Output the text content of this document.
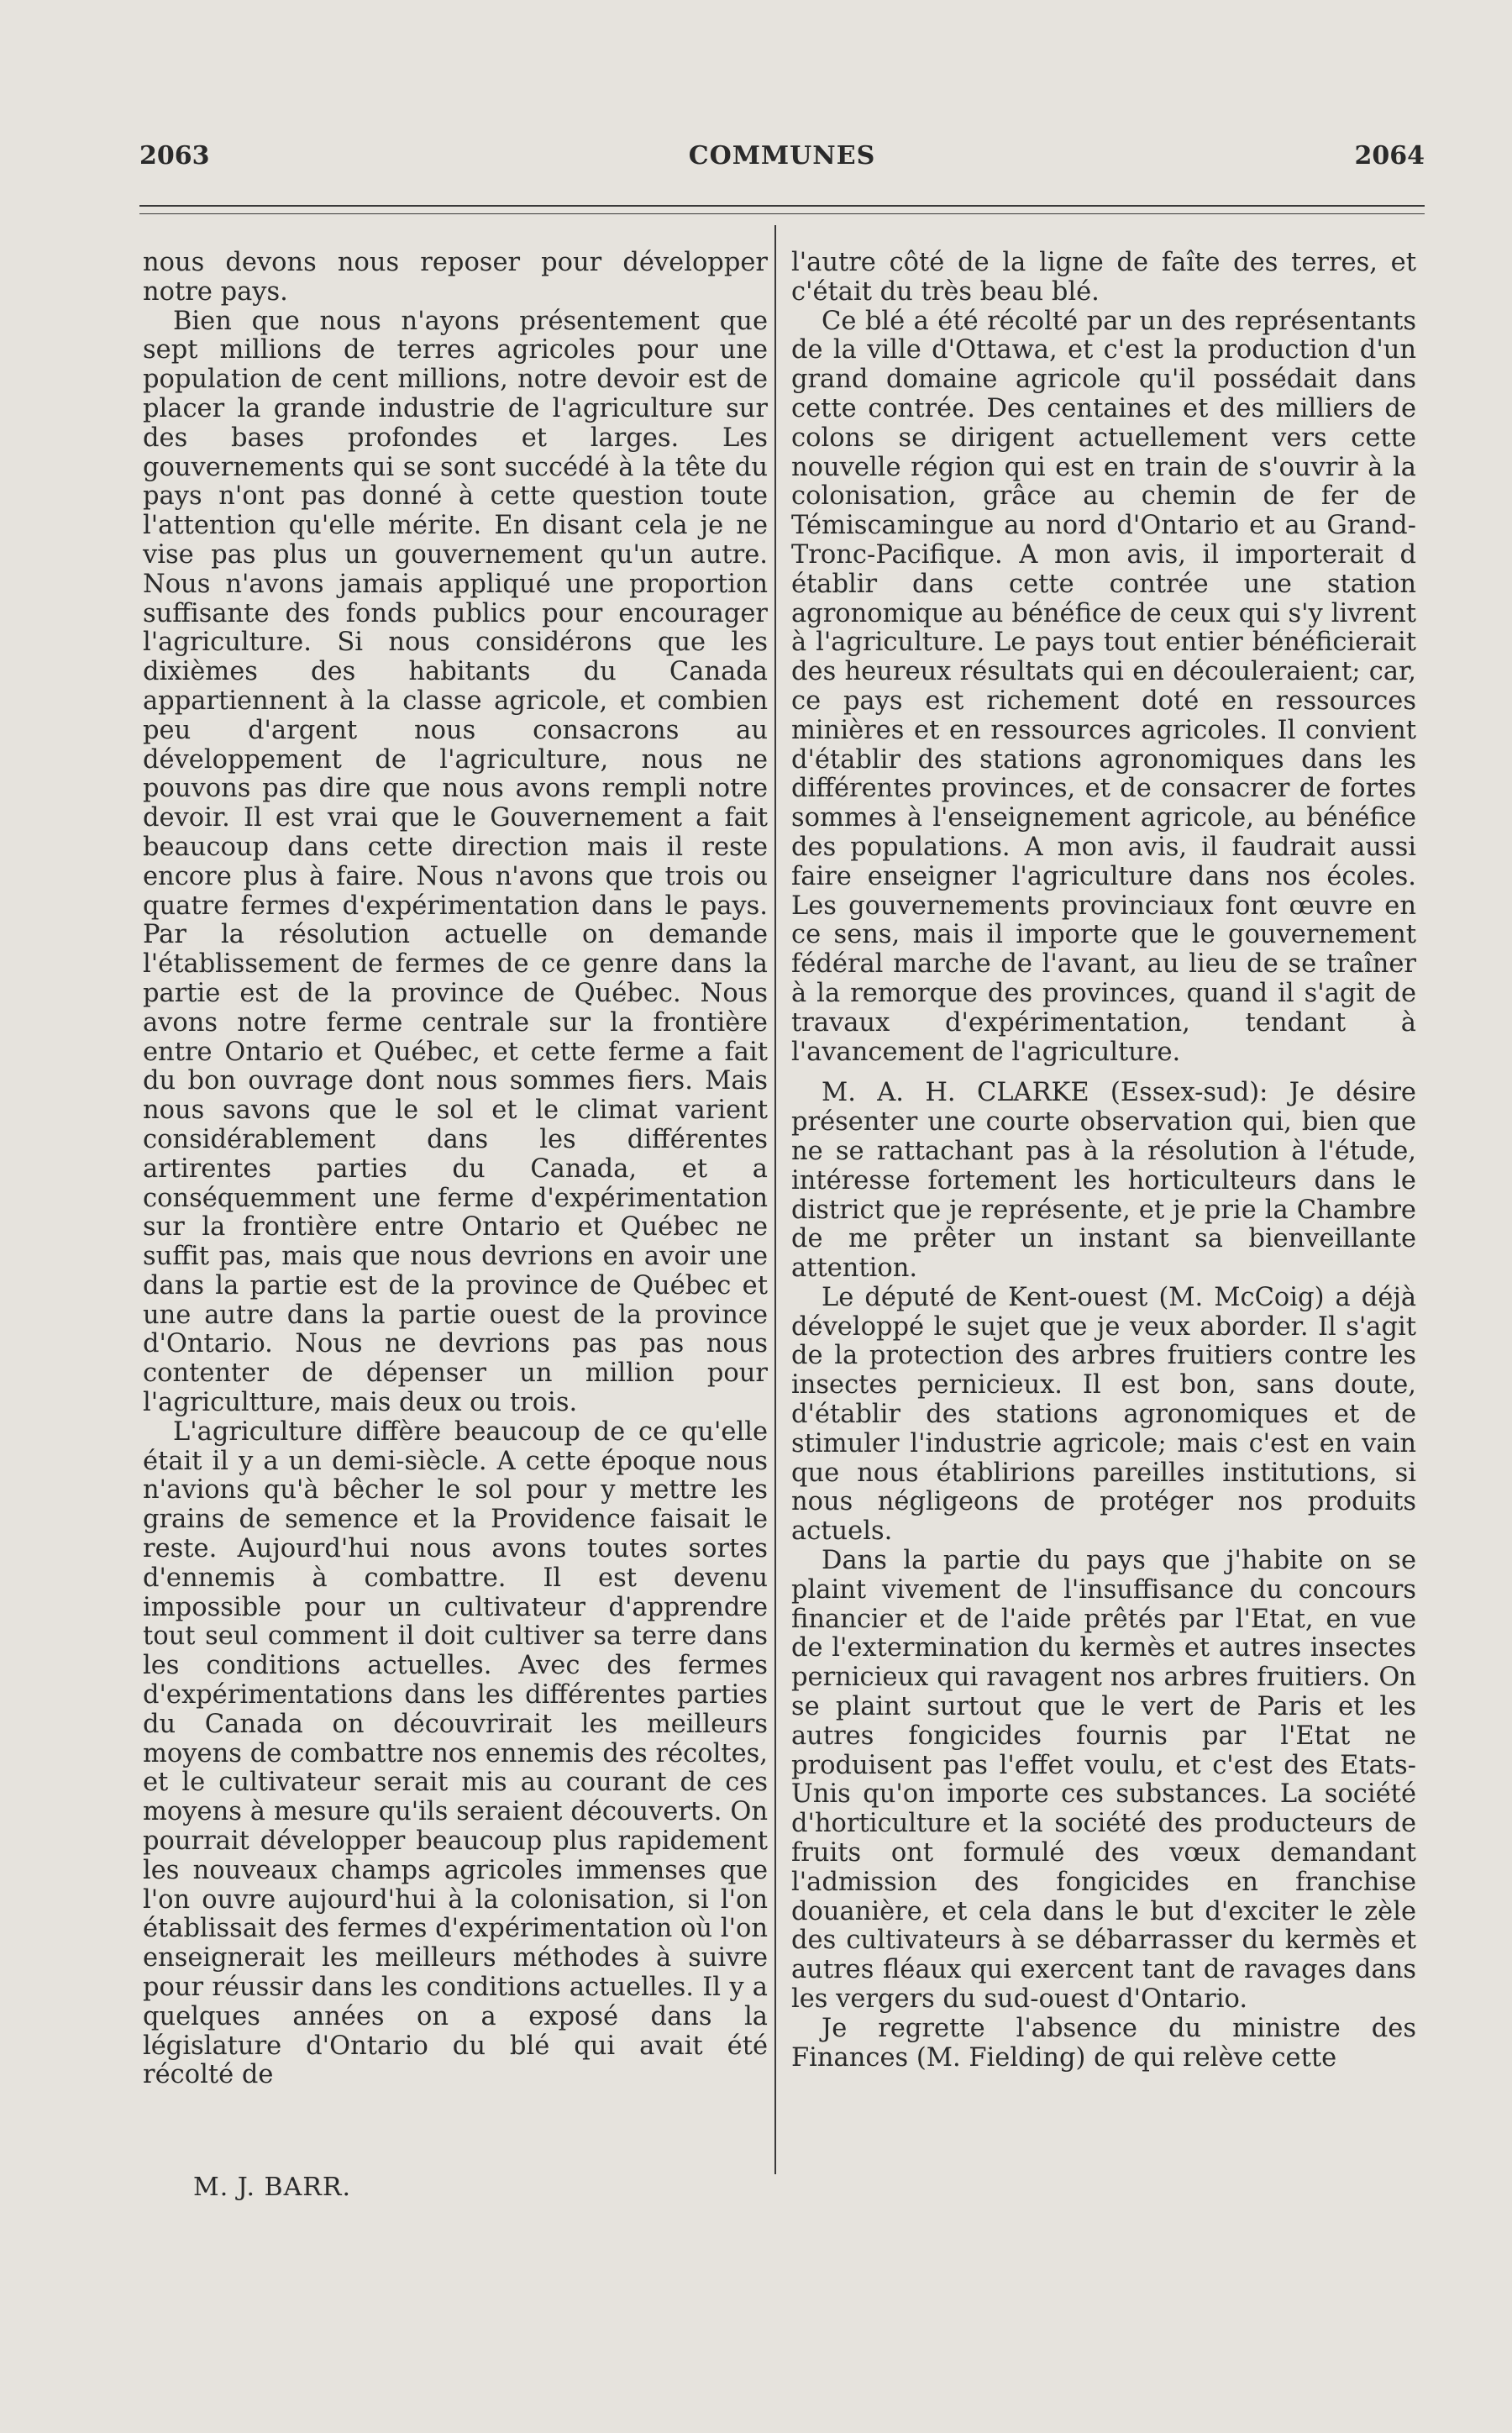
2063	COMMUNES	2064

nous devons nous reposer pour développer notre pays.

Bien que nous n'ayons présentement que sept millions de terres agricoles pour une population de cent millions, notre devoir est de placer la grande industrie de l'agriculture sur des bases profondes et larges. Les gouvernements qui se sont succédé à la tête du pays n'ont pas donné à cette question toute l'attention qu'elle mérite. En disant cela je ne vise pas plus un gouvernement qu'un autre. Nous n'avons jamais appliqué une proportion suffisante des fonds publics pour encourager l'agriculture. Si nous considérons que les dixièmes des habitants du Canada appartiennent à la classe agricole, et combien peu d'argent nous consacrons au développement de l'agriculture, nous ne pouvons pas dire que nous avons rempli notre devoir. Il est vrai que le Gouvernement a fait beaucoup dans cette direction mais il reste encore plus à faire. Nous n'avons que trois ou quatre fermes d'expérimentation dans le pays. Par la résolution actuelle on demande l'établissement de fermes de ce genre dans la partie est de la province de Québec. Nous avons notre ferme centrale sur la frontière entre Ontario et Québec, et cette ferme a fait du bon ouvrage dont nous sommes fiers. Mais nous savons que le sol et le climat varient considérablement dans les différentes artirentes parties du Canada, et a conséquemment une ferme d'expérimentation sur la frontière entre Ontario et Québec ne suffit pas, mais que nous devrions en avoir une dans la partie est de la province de Québec et une autre dans la partie ouest de la province d'Ontario. Nous ne devrions pas pas nous contenter de dépenser un million pour l'agricultture, mais deux ou trois.

L'agriculture diffère beaucoup de ce qu'elle était il y a un demi-siècle. A cette époque nous n'avions qu'à bêcher le sol pour y mettre les grains de semence et la Providence faisait le reste. Aujourd'hui nous avons toutes sortes d'ennemis à combattre. Il est devenu impossible pour un cultivateur d'apprendre tout seul comment il doit cultiver sa terre dans les conditions actuelles. Avec des fermes d'expérimentations dans les différentes parties du Canada on découvrirait les meilleurs moyens de combattre nos ennemis des récoltes, et le cultivateur serait mis au courant de ces moyens à mesure qu'ils seraient découverts. On pourrait développer beaucoup plus rapidement les nouveaux champs agricoles immenses que l'on ouvre aujourd'hui à la colonisation, si l'on établissait des fermes d'expérimentation où l'on enseignerait les meilleurs méthodes à suivre pour réussir dans les conditions actuelles. Il y a quelques années on a exposé dans la législature d'Ontario du blé qui avait été récolté de

l'autre côté de la ligne de faîte des terres, et c'était du très beau blé.

Ce blé a été récolté par un des représentants de la ville d'Ottawa, et c'est la production d'un grand domaine agricole qu'il possédait dans cette contrée. Des centaines et des milliers de colons se dirigent actuellement vers cette nouvelle région qui est en train de s'ouvrir à la colonisation, grâce au chemin de fer de Témiscamingue au nord d'Ontario et au Grand-Tronc-Pacifique. A mon avis, il importerait d établir dans cette contrée une station agronomique au bénéfice de ceux qui s'y livrent à l'agriculture. Le pays tout entier bénéficierait des heureux résultats qui en découleraient; car, ce pays est richement doté en ressources minières et en ressources agricoles. Il convient d'établir des stations agronomiques dans les différentes provinces, et de consacrer de fortes sommes à l'enseignement agricole, au bénéfice des populations. A mon avis, il faudrait aussi faire enseigner l'agriculture dans nos écoles. Les gouvernements provinciaux font œuvre en ce sens, mais il importe que le gouvernement fédéral marche de l'avant, au lieu de se traîner à la remorque des provinces, quand il s'agit de travaux d'expérimentation, tendant à l'avancement de l'agriculture.

M. A. H. CLARKE (Essex-sud): Je désire présenter une courte observation qui, bien que ne se rattachant pas à la résolution à l'étude, intéresse fortement les horticulteurs dans le district que je représente, et je prie la Chambre de me prêter un instant sa bienveillante attention.

Le député de Kent-ouest (M. McCoig) a déjà développé le sujet que je veux aborder. Il s'agit de la protection des arbres fruitiers contre les insectes pernicieux. Il est bon, sans doute, d'établir des stations agronomiques et de stimuler l'industrie agricole; mais c'est en vain que nous établirions pareilles institutions, si nous négligeons de protéger nos produits actuels.

Dans la partie du pays que j'habite on se plaint vivement de l'insuffisance du concours financier et de l'aide prêtés par l'Etat, en vue de l'extermination du kermès et autres insectes pernicieux qui ravagent nos arbres fruitiers. On se plaint surtout que le vert de Paris et les autres fongicides fournis par l'Etat ne produisent pas l'effet voulu, et c'est des Etats-Unis qu'on importe ces substances. La société d'horticulture et la société des producteurs de fruits ont formulé des vœux demandant l'admission des fongicides en franchise douanière, et cela dans le but d'exciter le zèle des cultivateurs à se débarrasser du kermès et autres fléaux qui exercent tant de ravages dans les vergers du sud-ouest d'Ontario.

Je regrette l'absence du ministre des Finances (M. Fielding) de qui relève cette

M. J. BARR.
